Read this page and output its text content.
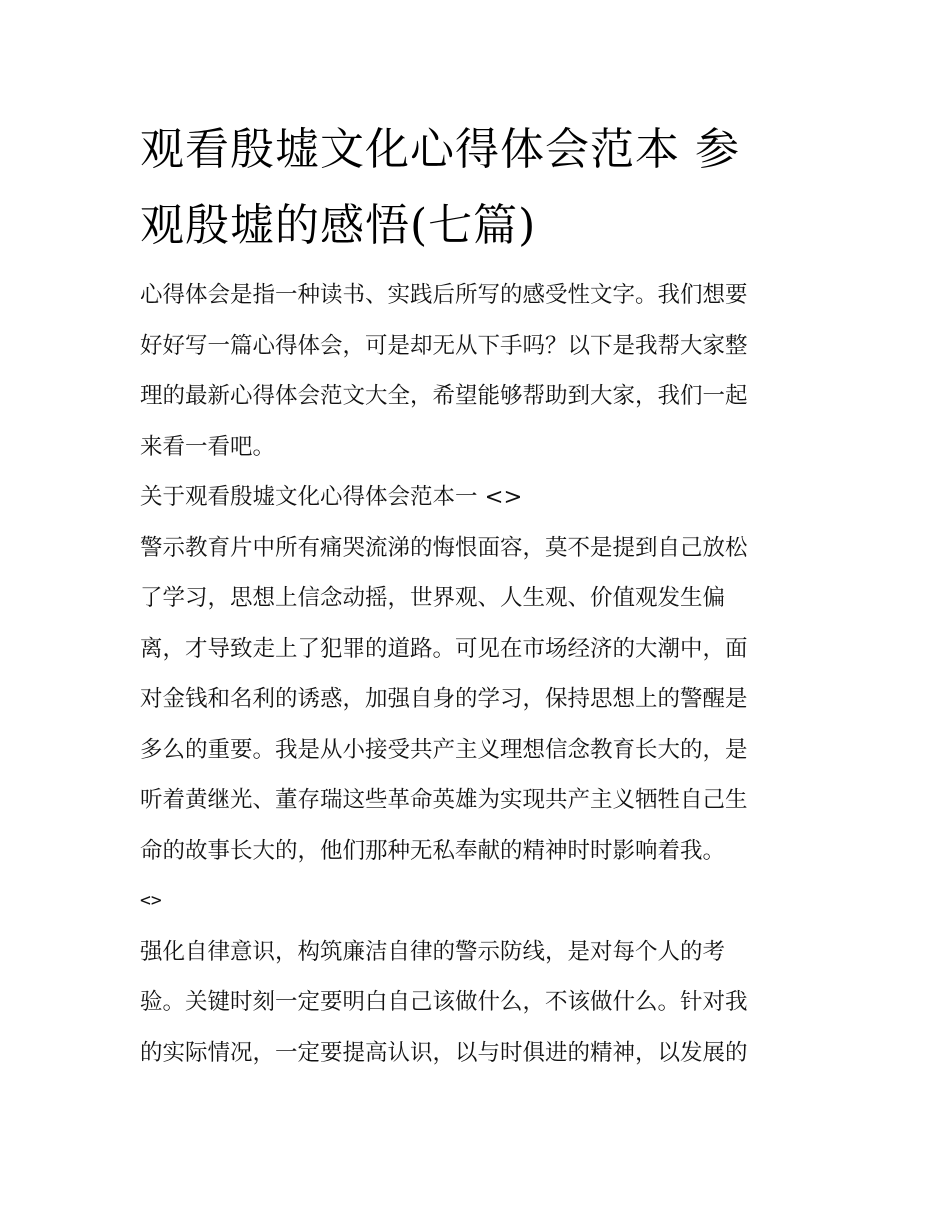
观看殷墟文化心得体会范本 参
观殷墟的感悟(七篇)
心得体会是指一种读书、实践后所写的感受性文字。我们想要
好好写一篇心得体会，可是却无从下手吗？以下是我帮大家整
理的最新心得体会范文大全，希望能够帮助到大家，我们一起
来看一看吧。
关于观看殷墟文化心得体会范本一 <>
警示教育片中所有痛哭流涕的悔恨面容，莫不是提到自己放松
了学习，思想上信念动摇，世界观、人生观、价值观发生偏
离，才导致走上了犯罪的道路。可见在市场经济的大潮中，面
对金钱和名利的诱惑，加强自身的学习，保持思想上的警醒是
多么的重要。我是从小接受共产主义理想信念教育长大的，是
听着黄继光、董存瑞这些革命英雄为实现共产主义牺牲自己生
命的故事长大的，他们那种无私奉献的精神时时影响着我。
<>
强化自律意识，构筑廉洁自律的警示防线，是对每个人的考
验。关键时刻一定要明白自己该做什么，不该做什么。针对我
的实际情况，一定要提高认识，以与时俱进的精神，以发展的
